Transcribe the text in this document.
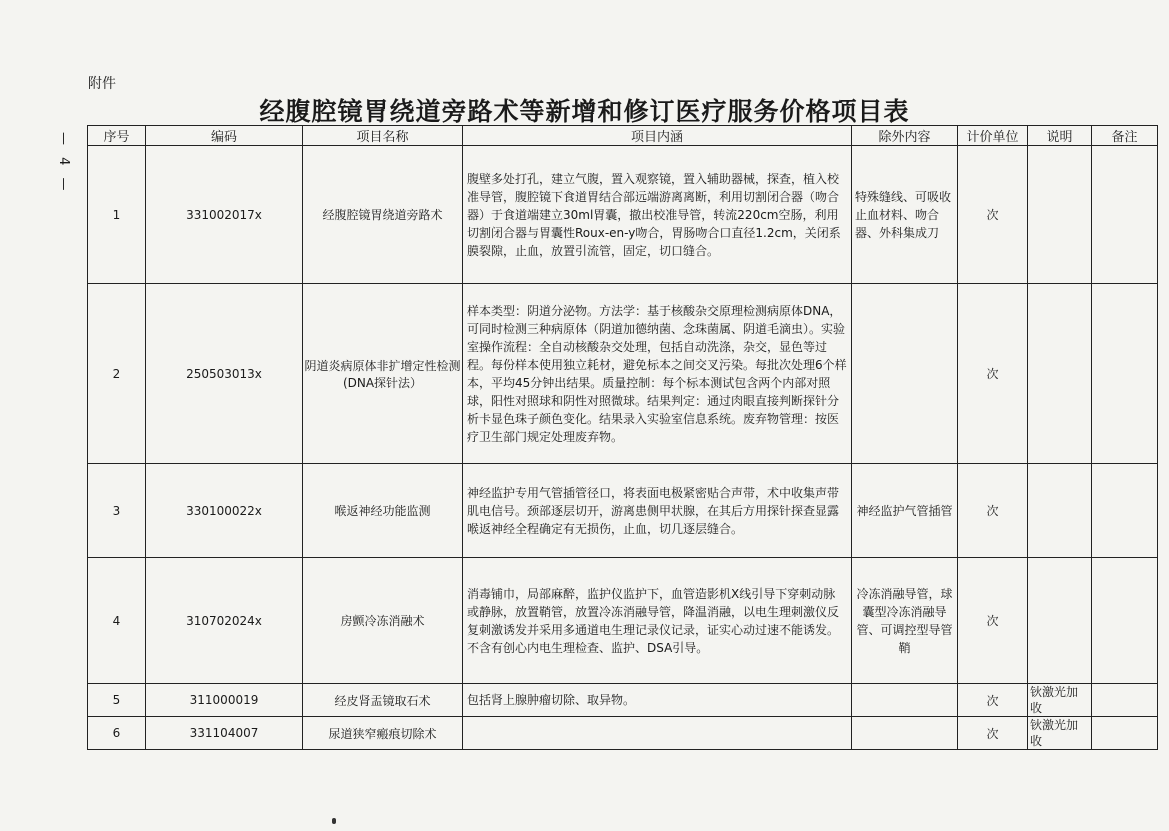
附件
— 4 —
经腹腔镜胃绕道旁路术等新增和修订医疗服务价格项目表
序号	编码	项目名称	项目内涵	除外内容	计价单位	说明	备注
1	331002017x	经腹腔镜胃绕道旁路术	腹壁多处打孔，建立气腹，置入观察镜，置入辅助器械，探查，植入校准导管，腹腔镜下食道胃结合部远端游离离断，利用切割闭合器（吻合器）于食道端建立30ml胃囊，撤出校准导管，转流220cm空肠，利用切割闭合器与胃囊性Roux-en-y吻合，胃肠吻合口直径1.2cm，关闭系膜裂隙，止血，放置引流管，固定，切口缝合。	特殊缝线、可吸收止血材料、吻合器、外科集成刀	次		
2	250503013x	阴道炎病原体非扩增定性检测(DNA探针法）	样本类型：阴道分泌物。方法学：基于核酸杂交原理检测病原体DNA，可同时检测三种病原体（阴道加德纳菌、念珠菌属、阴道毛滴虫）。实验室操作流程：全自动核酸杂交处理，包括自动洗涤，杂交，显色等过程。每份样本使用独立耗材，避免标本之间交叉污染。每批次处理6个样本，平均45分钟出结果。质量控制：每个标本测试包含两个内部对照球，阳性对照球和阴性对照微球。结果判定：通过肉眼直接判断探针分析卡显色珠子颜色变化。结果录入实验室信息系统。废弃物管理：按医疗卫生部门规定处理废弃物。		次		
3	330100022x	喉返神经功能监测	神经监护专用气管插管径口，将表面电极紧密贴合声带，术中收集声带肌电信号。颈部逐层切开，游离患侧甲状腺，在其后方用探针探查显露喉返神经全程确定有无损伤，止血，切几逐层缝合。	神经监护气管插管	次		
4	310702024x	房颤冷冻消融术	消毒铺巾，局部麻醉，监护仪监护下，血管造影机X线引导下穿刺动脉或静脉，放置鞘管，放置冷冻消融导管，降温消融，以电生理刺激仪反复刺激诱发并采用多通道电生理记录仪记录，证实心动过速不能诱发。不含有创心内电生理检查、监护、DSA引导。	冷冻消融导管，球囊型冷冻消融导管、可调控型导管鞘	次		
5	311000019	经皮肾盂镜取石术	包括肾上腺肿瘤切除、取异物。		次	钬激光加收	
6	331104007	尿道狭窄瘢痕切除术			次	钬激光加收	
